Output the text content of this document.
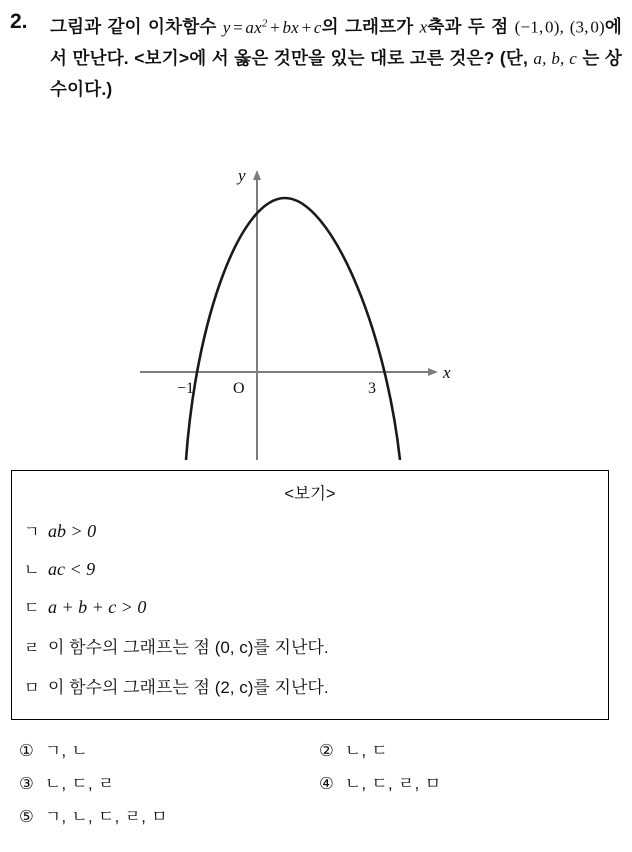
2. 그림과 같이 이차함수 y = $ax^2$ + bx + c의 그래프가 x축과 두 점 (−1, 0), (3, 0)에서 만난다. <보기>에 서 옳은 것만을 있는 대로 고른 것은? (단, a, b, c 는 상수이다.)
y
x
O
−1	3
<보기>
ㄱ ab > 0
ㄴ ac < 9
ㄷ a + b + c > 0
ㄹ 이 함수의 그래프는 점 (0, c)를 지난다.
ㅁ 이 함수의 그래프는 점 (2, c)를 지난다.
① ㄱ, ㄴ	② ㄴ, ㄷ
③ ㄴ, ㄷ, ㄹ	④ ㄴ, ㄷ, ㄹ, ㅁ
⑤ ㄱ, ㄴ, ㄷ, ㄹ, ㅁ
